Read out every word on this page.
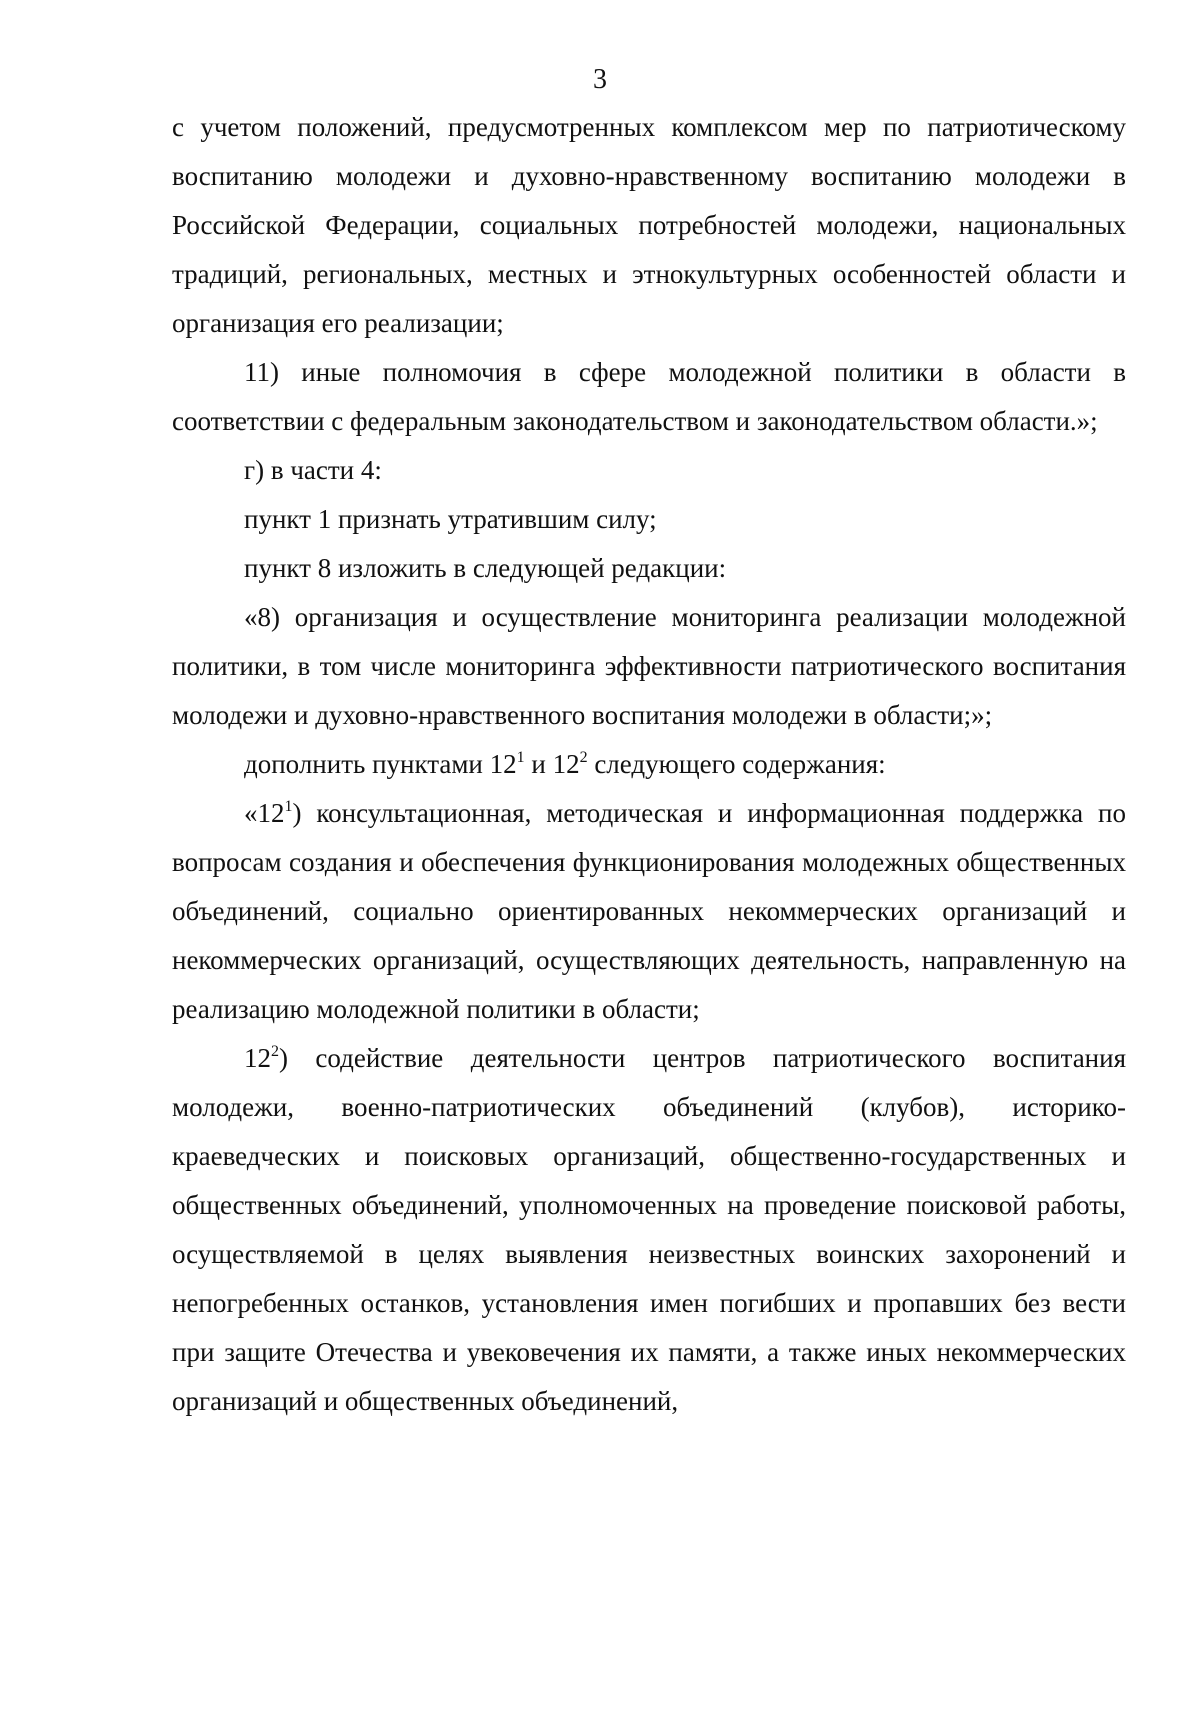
3

с учетом положений, предусмотренных комплексом мер по патриотическому воспитанию молодежи и духовно-нравственному воспитанию молодежи в Российской Федерации, социальных потребностей молодежи, национальных традиций, региональных, местных и этнокультурных особенностей области и организация его реализации;

11) иные полномочия в сфере молодежной политики в области в соответствии с федеральным законодательством и законодательством области.»;

г) в части 4:

пункт 1 признать утратившим силу;

пункт 8 изложить в следующей редакции:

«8) организация и осуществление мониторинга реализации молодежной политики, в том числе мониторинга эффективности патриотического воспитания молодежи и духовно-нравственного воспитания молодежи в области;»;

дополнить пунктами $12^1$ и $12^2$ следующего содержания:

«$12^1$) консультационная, методическая и информационная поддержка по вопросам создания и обеспечения функционирования молодежных общественных объединений, социально ориентированных некоммерческих организаций и некоммерческих организаций, осуществляющих деятельность, направленную на реализацию молодежной политики в области;

$12^2$) содействие деятельности центров патриотического воспитания молодежи, военно-патриотических объединений (клубов), историко-краеведческих и поисковых организаций, общественно-государственных и общественных объединений, уполномоченных на проведение поисковой работы, осуществляемой в целях выявления неизвестных воинских захоронений и непогребенных останков, установления имен погибших и пропавших без вести при защите Отечества и увековечения их памяти, а также иных некоммерческих организаций и общественных объединений,
